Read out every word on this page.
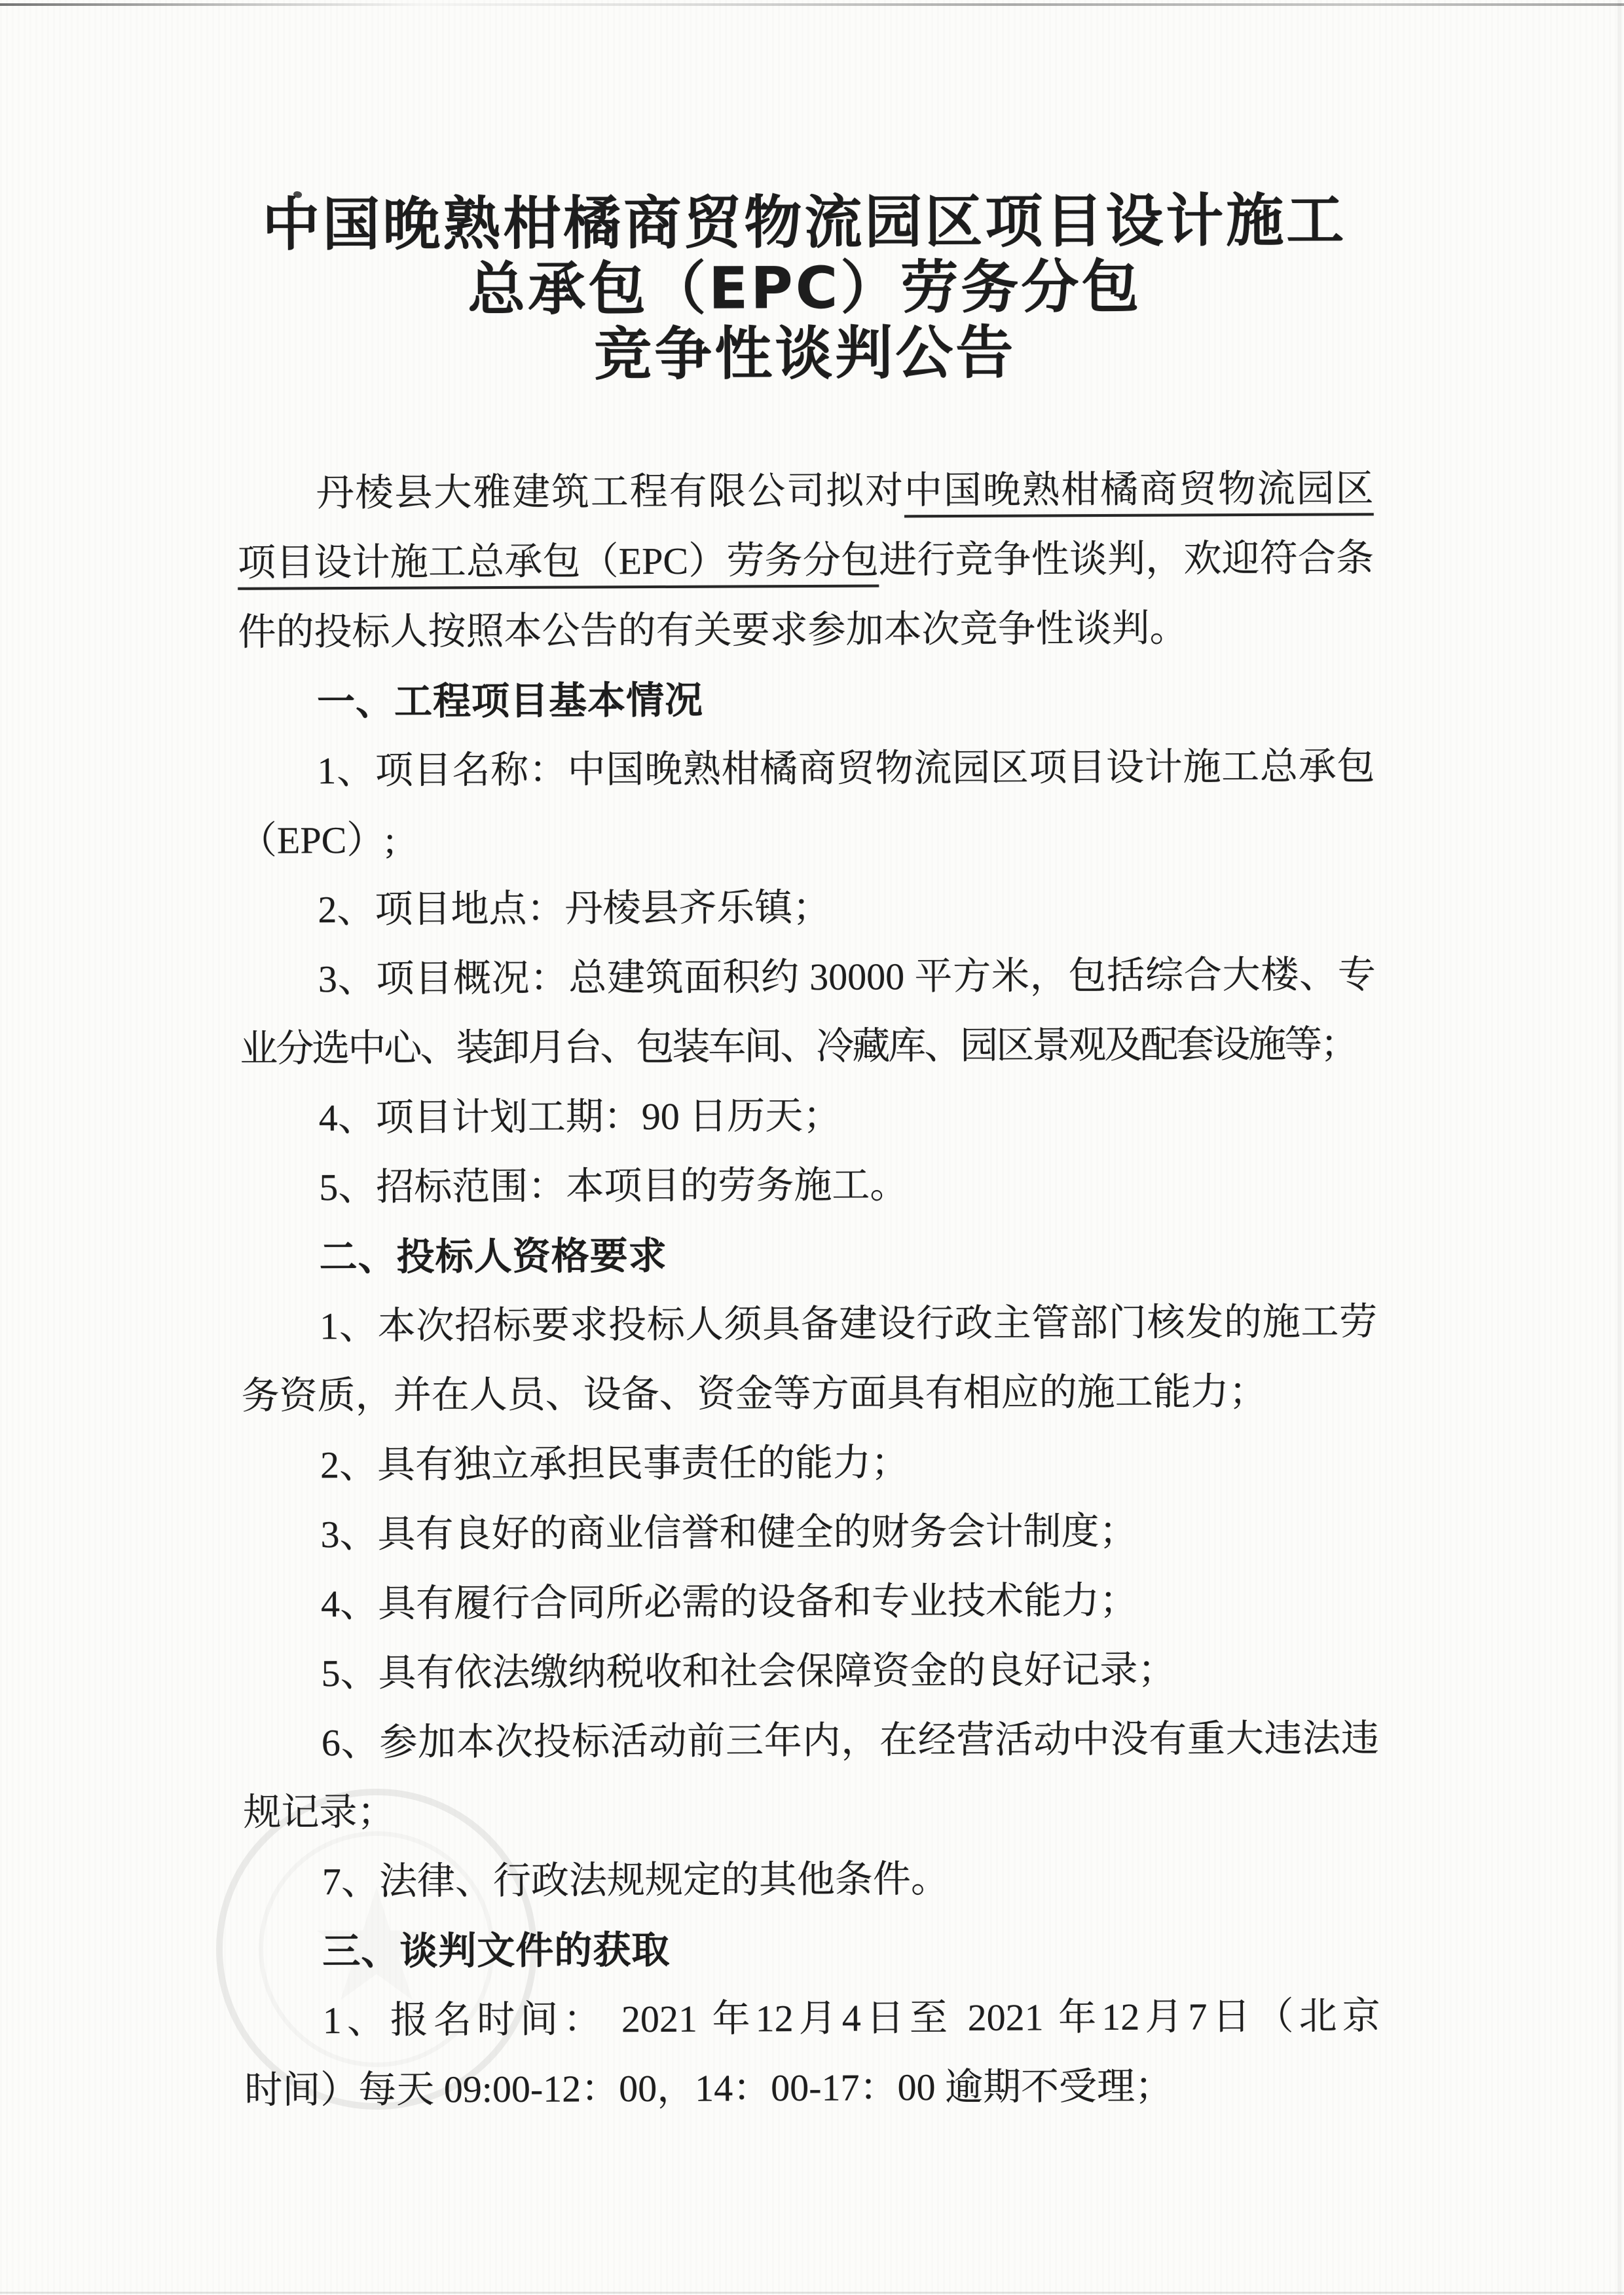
中国晚熟柑橘商贸物流园区项目设计施工
总承包（EPC）劳务分包
竞争性谈判公告
丹棱县大雅建筑工程有限公司拟对中国晚熟柑橘商贸物流园区
项目设计施工总承包（EPC）劳务分包进行竞争性谈判，欢迎符合条
件的投标人按照本公告的有关要求参加本次竞争性谈判。
一、工程项目基本情况
1、项目名称：中国晚熟柑橘商贸物流园区项目设计施工总承包
（EPC）;
2、项目地点：丹棱县齐乐镇；
3、项目概况：总建筑面积约 30000 平方米，包括综合大楼、专
业分选中心、装卸月台、包装车间、冷藏库、园区景观及配套设施等；
4、项目计划工期：90 日历天；
5、招标范围：本项目的劳务施工。
二、投标人资格要求
1、本次招标要求投标人须具备建设行政主管部门核发的施工劳
务资质，并在人员、设备、资金等方面具有相应的施工能力；
2、具有独立承担民事责任的能力；
3、具有良好的商业信誉和健全的财务会计制度；
4、具有履行合同所必需的设备和专业技术能力；
5、具有依法缴纳税收和社会保障资金的良好记录；
6、参加本次投标活动前三年内，在经营活动中没有重大违法违
规记录；
7、法律、行政法规规定的其他条件。
三、谈判文件的获取
1、报名时间： 2021 年12月4日至 2021 年12月7日（北京
时间）每天 09:00-12：00，14：00-17：00 逾期不受理；
